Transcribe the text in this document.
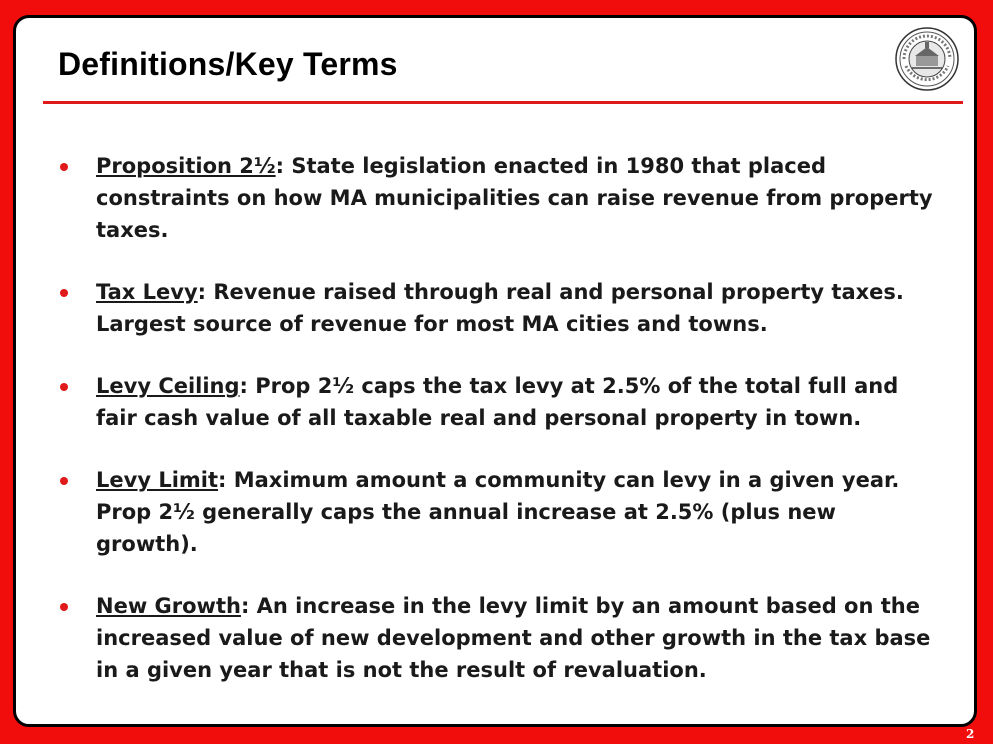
Definitions/Key Terms
Proposition 2½: State legislation enacted in 1980 that placed constraints on how MA municipalities can raise revenue from property taxes.
Tax Levy: Revenue raised through real and personal property taxes. Largest source of revenue for most MA cities and towns.
Levy Ceiling: Prop 2½ caps the tax levy at 2.5% of the total full and fair cash value of all taxable real and personal property in town.
Levy Limit: Maximum amount a community can levy in a given year. Prop 2½ generally caps the annual increase at 2.5% (plus new growth).
New Growth: An increase in the levy limit by an amount based on the increased value of new development and other growth in the tax base in a given year that is not the result of revaluation.
2
